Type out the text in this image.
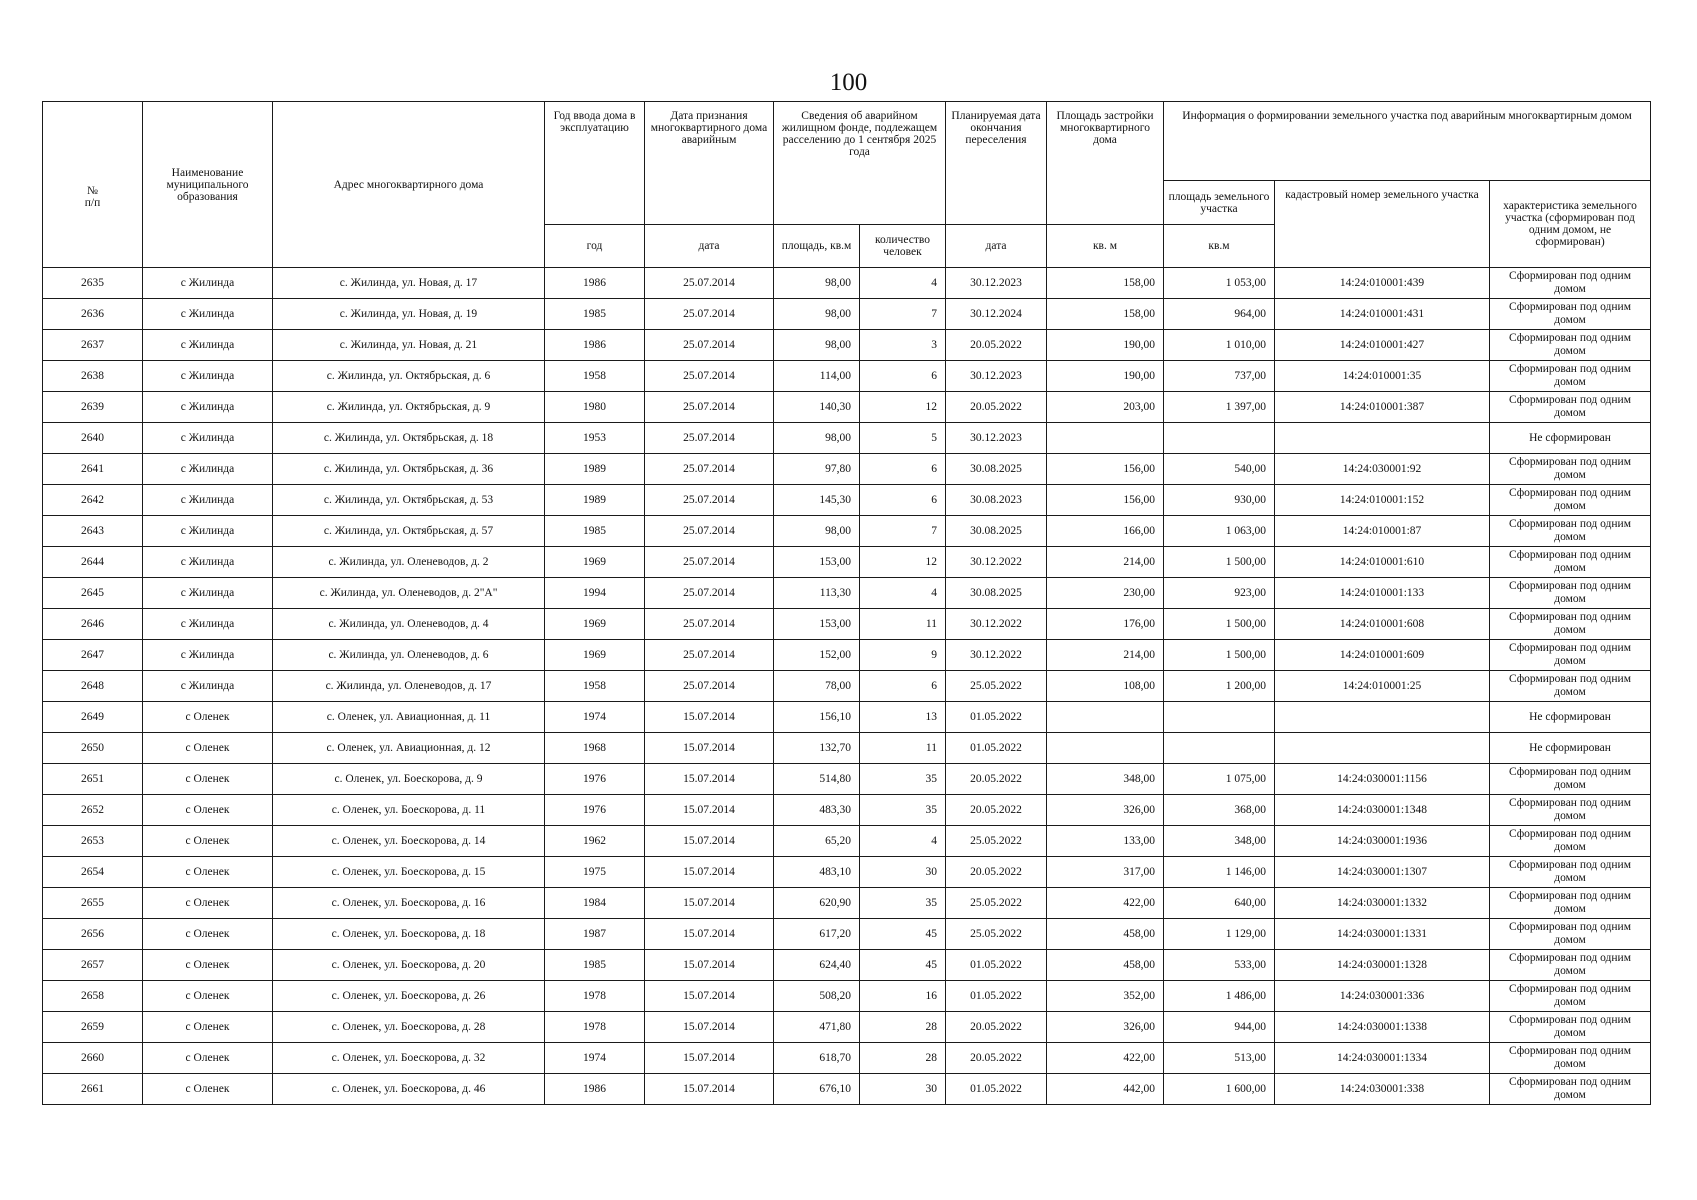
100
№
п/п	Наименование муниципального образования	Адрес многоквартирного дома	Год ввода дома в эксплуатацию	Дата признания многоквартирного дома аварийным	Сведения об аварийном жилищном фонде, подлежащем расселению до 1 сентября 2025 года		Планируемая дата окончания переселения	Площадь застройки многоквартирного дома	Информация о формировании земельного участка под аварийным многоквартирным домом		
									площадь земельного участка	кадастровый номер земельного участка	характеристика земельного участка (сформирован под одним домом, не сформирован)
			год	дата	площадь, кв.м	количество человек	дата	кв. м	кв.м		
2635	с Жилинда	с. Жилинда, ул. Новая, д. 17	1986	25.07.2014	98,00	4	30.12.2023	158,00	1 053,00	14:24:010001:439	Сформирован под одним домом
2636	с Жилинда	с. Жилинда, ул. Новая, д. 19	1985	25.07.2014	98,00	7	30.12.2024	158,00	964,00	14:24:010001:431	Сформирован под одним домом
2637	с Жилинда	с. Жилинда, ул. Новая, д. 21	1986	25.07.2014	98,00	3	20.05.2022	190,00	1 010,00	14:24:010001:427	Сформирован под одним домом
2638	с Жилинда	с. Жилинда, ул. Октябрьская, д. 6	1958	25.07.2014	114,00	6	30.12.2023	190,00	737,00	14:24:010001:35	Сформирован под одним домом
2639	с Жилинда	с. Жилинда, ул. Октябрьская, д. 9	1980	25.07.2014	140,30	12	20.05.2022	203,00	1 397,00	14:24:010001:387	Сформирован под одним домом
2640	с Жилинда	с. Жилинда, ул. Октябрьская, д. 18	1953	25.07.2014	98,00	5	30.12.2023				Не сформирован
2641	с Жилинда	с. Жилинда, ул. Октябрьская, д. 36	1989	25.07.2014	97,80	6	30.08.2025	156,00	540,00	14:24:030001:92	Сформирован под одним домом
2642	с Жилинда	с. Жилинда, ул. Октябрьская, д. 53	1989	25.07.2014	145,30	6	30.08.2023	156,00	930,00	14:24:010001:152	Сформирован под одним домом
2643	с Жилинда	с. Жилинда, ул. Октябрьская, д. 57	1985	25.07.2014	98,00	7	30.08.2025	166,00	1 063,00	14:24:010001:87	Сформирован под одним домом
2644	с Жилинда	с. Жилинда, ул. Оленеводов, д. 2	1969	25.07.2014	153,00	12	30.12.2022	214,00	1 500,00	14:24:010001:610	Сформирован под одним домом
2645	с Жилинда	с. Жилинда, ул. Оленеводов, д. 2"А"	1994	25.07.2014	113,30	4	30.08.2025	230,00	923,00	14:24:010001:133	Сформирован под одним домом
2646	с Жилинда	с. Жилинда, ул. Оленеводов, д. 4	1969	25.07.2014	153,00	11	30.12.2022	176,00	1 500,00	14:24:010001:608	Сформирован под одним домом
2647	с Жилинда	с. Жилинда, ул. Оленеводов, д. 6	1969	25.07.2014	152,00	9	30.12.2022	214,00	1 500,00	14:24:010001:609	Сформирован под одним домом
2648	с Жилинда	с. Жилинда, ул. Оленеводов, д. 17	1958	25.07.2014	78,00	6	25.05.2022	108,00	1 200,00	14:24:010001:25	Сформирован под одним домом
2649	с Оленек	с. Оленек, ул. Авиационная, д. 11	1974	15.07.2014	156,10	13	01.05.2022				Не сформирован
2650	с Оленек	с. Оленек, ул. Авиационная, д. 12	1968	15.07.2014	132,70	11	01.05.2022				Не сформирован
2651	с Оленек	с. Оленек, ул. Боескорова, д. 9	1976	15.07.2014	514,80	35	20.05.2022	348,00	1 075,00	14:24:030001:1156	Сформирован под одним домом
2652	с Оленек	с. Оленек, ул. Боескорова, д. 11	1976	15.07.2014	483,30	35	20.05.2022	326,00	368,00	14:24:030001:1348	Сформирован под одним домом
2653	с Оленек	с. Оленек, ул. Боескорова, д. 14	1962	15.07.2014	65,20	4	25.05.2022	133,00	348,00	14:24:030001:1936	Сформирован под одним домом
2654	с Оленек	с. Оленек, ул. Боескорова, д. 15	1975	15.07.2014	483,10	30	20.05.2022	317,00	1 146,00	14:24:030001:1307	Сформирован под одним домом
2655	с Оленек	с. Оленек, ул. Боескорова, д. 16	1984	15.07.2014	620,90	35	25.05.2022	422,00	640,00	14:24:030001:1332	Сформирован под одним домом
2656	с Оленек	с. Оленек, ул. Боескорова, д. 18	1987	15.07.2014	617,20	45	25.05.2022	458,00	1 129,00	14:24:030001:1331	Сформирован под одним домом
2657	с Оленек	с. Оленек, ул. Боескорова, д. 20	1985	15.07.2014	624,40	45	01.05.2022	458,00	533,00	14:24:030001:1328	Сформирован под одним домом
2658	с Оленек	с. Оленек, ул. Боескорова, д. 26	1978	15.07.2014	508,20	16	01.05.2022	352,00	1 486,00	14:24:030001:336	Сформирован под одним домом
2659	с Оленек	с. Оленек, ул. Боескорова, д. 28	1978	15.07.2014	471,80	28	20.05.2022	326,00	944,00	14:24:030001:1338	Сформирован под одним домом
2660	с Оленек	с. Оленек, ул. Боескорова, д. 32	1974	15.07.2014	618,70	28	20.05.2022	422,00	513,00	14:24:030001:1334	Сформирован под одним домом
2661	с Оленек	с. Оленек, ул. Боескорова, д. 46	1986	15.07.2014	676,10	30	01.05.2022	442,00	1 600,00	14:24:030001:338	Сформирован под одним домом
